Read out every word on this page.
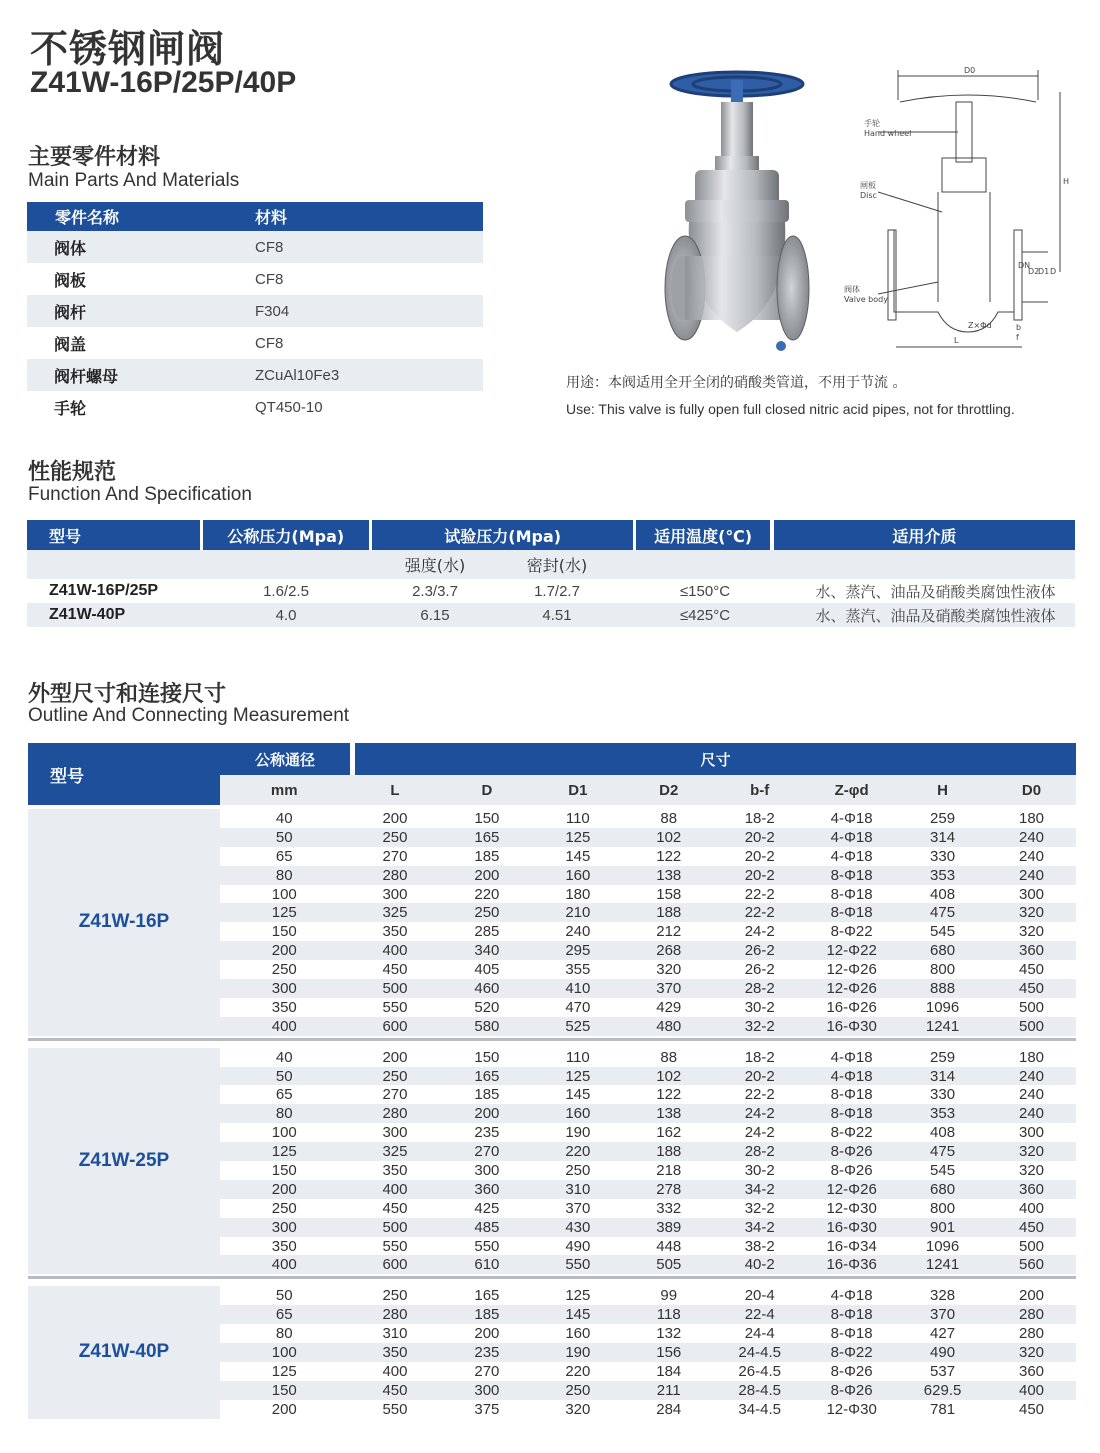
不锈钢闸阀
Z41W-16P/25P/40P
主要零件材料
Main Parts And Materials
零件名称	材料
阀体	CF8
阀板	CF8
阀杆	F304
阀盖	CF8
阀杆螺母	ZCuAl10Fe3
手轮	QT450-10
D0
H
L
D
D1
D2
DN
Z×Φd	b
f
手轮
Hand wheel
闸板
Disc
阀体
Valve body
用途：本阀适用全开全闭的硝酸类管道，不用于节流 。
Use: This valve is fully open full closed nitric acid pipes, not for throttling.
性能规范
Function And Specification
型号	公称压力(Mpa)	试验压力(Mpa)	适用温度(℃)	适用介质
强度(水)	密封(水)
Z41W-16P/25P	1.6/2.5	2.3/3.7	1.7/2.7	≤150°C	水、蒸汽、油品及硝酸类腐蚀性液体
Z41W-40P	4.0	6.15	4.51	≤425°C	水、蒸汽、油品及硝酸类腐蚀性液体
外型尺寸和连接尺寸
Outline And Connecting Measurement
型号
公称通径	尺寸
mm	L	D	D1	D2	b-f	Z-φd	H	D0
Z41W-16P
40	200	150	110	88	18-2	4-Φ18	259	180
50	250	165	125	102	20-2	4-Φ18	314	240
65	270	185	145	122	20-2	4-Φ18	330	240
80	280	200	160	138	20-2	8-Φ18	353	240
100	300	220	180	158	22-2	8-Φ18	408	300
125	325	250	210	188	22-2	8-Φ18	475	320
150	350	285	240	212	24-2	8-Φ22	545	320
200	400	340	295	268	26-2	12-Φ22	680	360
250	450	405	355	320	26-2	12-Φ26	800	450
300	500	460	410	370	28-2	12-Φ26	888	450
350	550	520	470	429	30-2	16-Φ26	1096	500
400	600	580	525	480	32-2	16-Φ30	1241	500
Z41W-25P
40	200	150	110	88	18-2	4-Φ18	259	180
50	250	165	125	102	20-2	4-Φ18	314	240
65	270	185	145	122	22-2	8-Φ18	330	240
80	280	200	160	138	24-2	8-Φ18	353	240
100	300	235	190	162	24-2	8-Φ22	408	300
125	325	270	220	188	28-2	8-Φ26	475	320
150	350	300	250	218	30-2	8-Φ26	545	320
200	400	360	310	278	34-2	12-Φ26	680	360
250	450	425	370	332	32-2	12-Φ30	800	400
300	500	485	430	389	34-2	16-Φ30	901	450
350	550	550	490	448	38-2	16-Φ34	1096	500
400	600	610	550	505	40-2	16-Φ36	1241	560
Z41W-40P
50	250	165	125	99	20-4	4-Φ18	328	200
65	280	185	145	118	22-4	8-Φ18	370	280
80	310	200	160	132	24-4	8-Φ18	427	280
100	350	235	190	156	24-4.5	8-Φ22	490	320
125	400	270	220	184	26-4.5	8-Φ26	537	360
150	450	300	250	211	28-4.5	8-Φ26	629.5	400
200	550	375	320	284	34-4.5	12-Φ30	781	450
